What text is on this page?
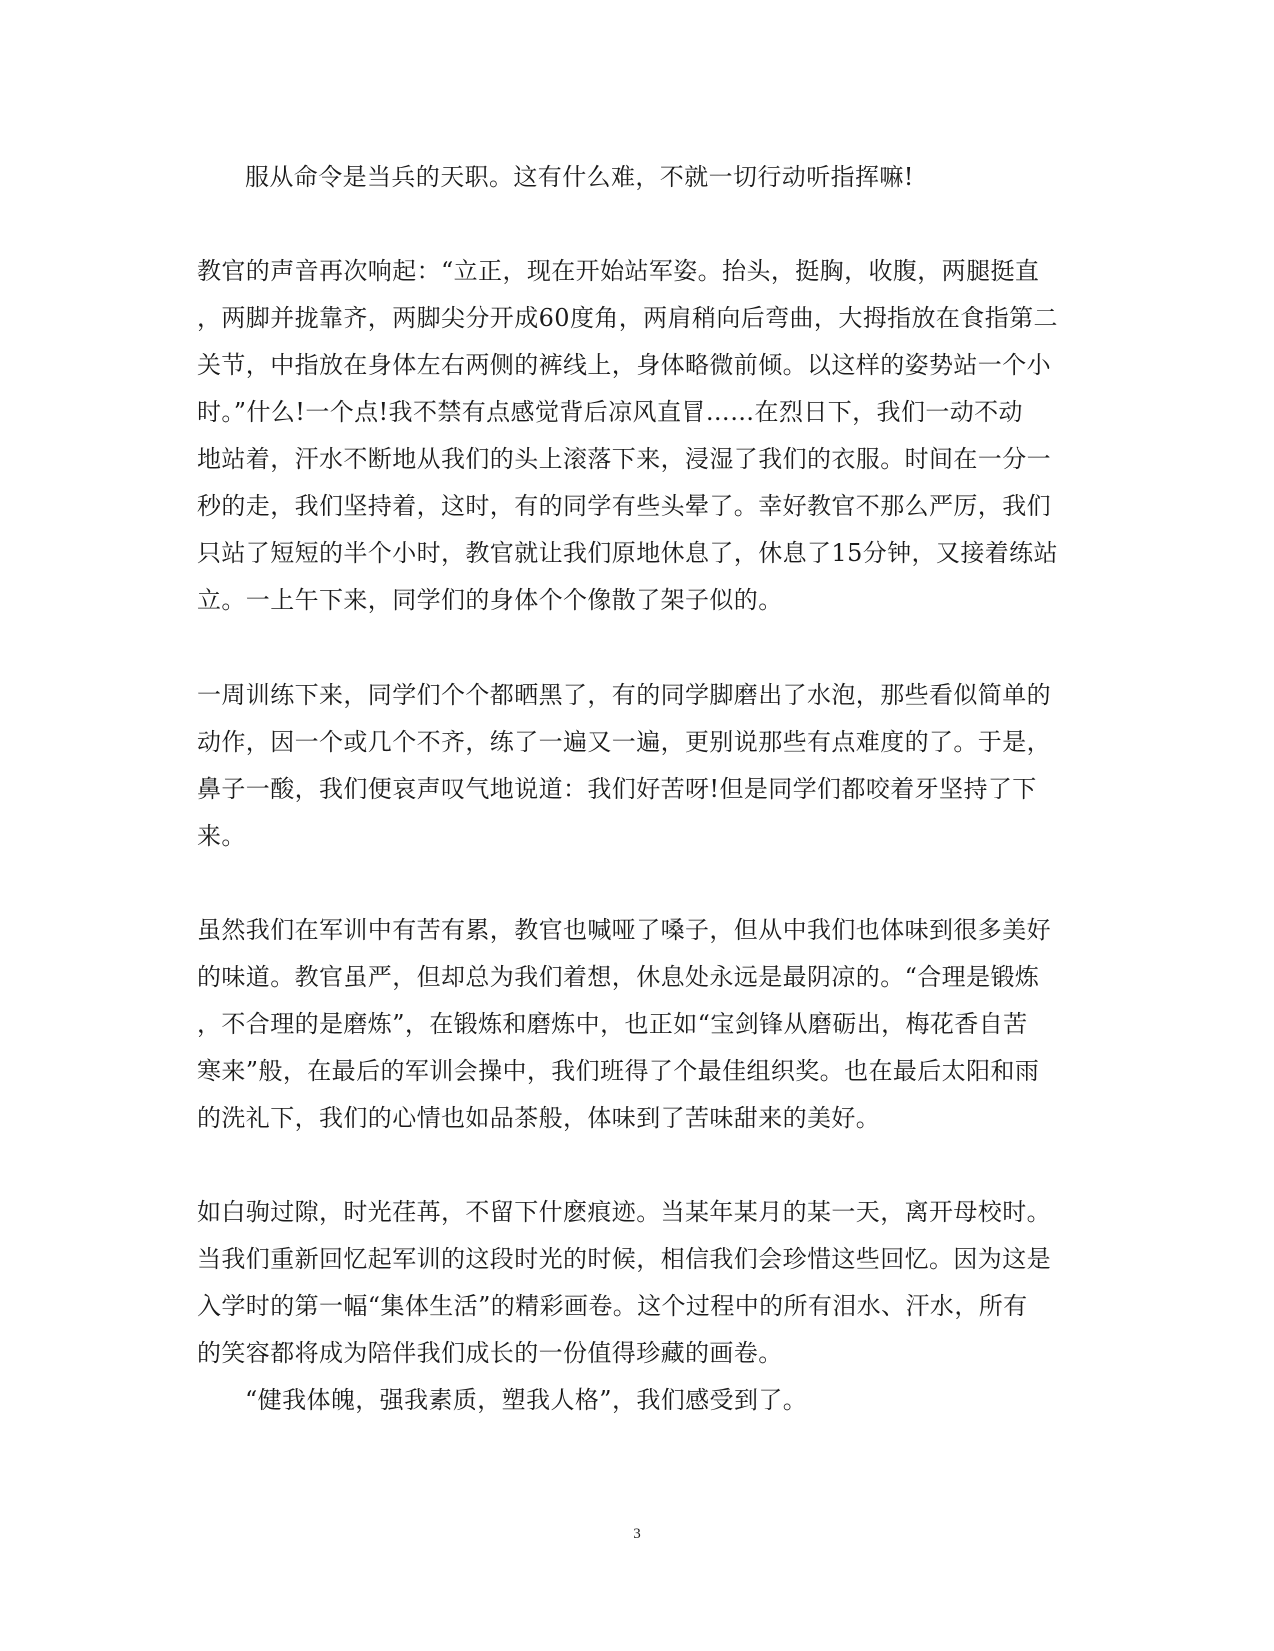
服从命令是当兵的天职。这有什么难，不就一切行动听指挥嘛!
教官的声音再次响起：“立正，现在开始站军姿。抬头，挺胸，收腹，两腿挺直
，两脚并拢靠齐，两脚尖分开成60度角，两肩稍向后弯曲，大拇指放在食指第二
关节，中指放在身体左右两侧的裤线上，身体略微前倾。以这样的姿势站一个小
时。”什么!一个点!我不禁有点感觉背后凉风直冒……在烈日下，我们一动不动
地站着，汗水不断地从我们的头上滚落下来，浸湿了我们的衣服。时间在一分一
秒的走，我们坚持着，这时，有的同学有些头晕了。幸好教官不那么严厉，我们
只站了短短的半个小时，教官就让我们原地休息了，休息了15分钟，又接着练站
立。一上午下来，同学们的身体个个像散了架子似的。
一周训练下来，同学们个个都晒黑了，有的同学脚磨出了水泡，那些看似简单的
动作，因一个或几个不齐，练了一遍又一遍，更别说那些有点难度的了。于是，
鼻子一酸，我们便哀声叹气地说道：我们好苦呀!但是同学们都咬着牙坚持了下
来。
虽然我们在军训中有苦有累，教官也喊哑了嗓子，但从中我们也体味到很多美好
的味道。教官虽严，但却总为我们着想，休息处永远是最阴凉的。“合理是锻炼
，不合理的是磨炼”，在锻炼和磨炼中，也正如“宝剑锋从磨砺出，梅花香自苦
寒来”般，在最后的军训会操中，我们班得了个最佳组织奖。也在最后太阳和雨
的洗礼下，我们的心情也如品茶般，体味到了苦味甜来的美好。
如白驹过隙，时光荏苒，不留下什麽痕迹。当某年某月的某一天，离开母校时。
当我们重新回忆起军训的这段时光的时候，相信我们会珍惜这些回忆。因为这是
入学时的第一幅“集体生活”的精彩画卷。这个过程中的所有泪水、汗水，所有
的笑容都将成为陪伴我们成长的一份值得珍藏的画卷。
“健我体魄，强我素质，塑我人格”，我们感受到了。
3
